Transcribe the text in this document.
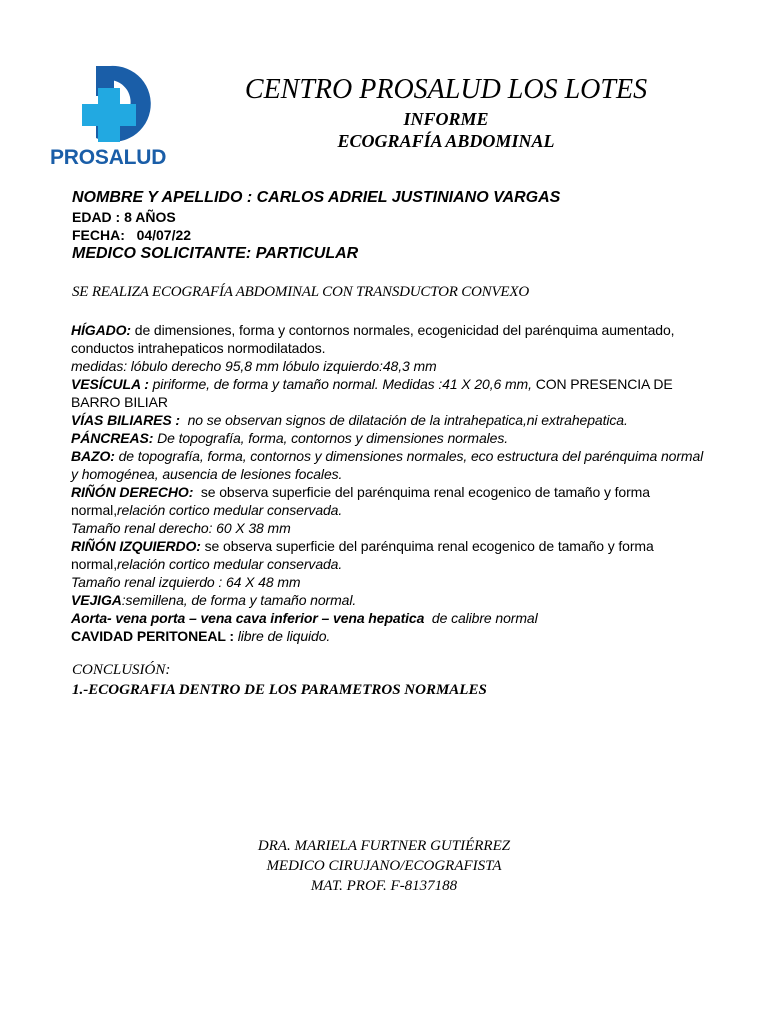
PROSALUD
CENTRO PROSALUD LOS LOTES
INFORME
ECOGRAFÍA ABDOMINAL
NOMBRE Y APELLIDO : CARLOS ADRIEL JUSTINIANO VARGAS
EDAD : 8 AÑOS
FECHA: 04/07/22
MEDICO SOLICITANTE: PARTICULAR
SE REALIZA ECOGRAFÍA ABDOMINAL CON TRANSDUCTOR CONVEXO

HÍGADO: de dimensiones, forma y contornos normales, ecogenicidad del parénquima aumentado, conductos intrahepaticos normodilatados.

medidas: lóbulo derecho 95,8 mm lóbulo izquierdo:48,3 mm

VESÍCULA : piriforme, de forma y tamaño normal. Medidas :41 X 20,6 mm, CON PRESENCIA DE BARRO BILIAR

VÍAS BILIARES : no se observan signos de dilatación de la intrahepatica,ni extrahepatica.

PÁNCREAS: De topografía, forma, contornos y dimensiones normales.

BAZO: de topografía, forma, contornos y dimensiones normales, eco estructura del parénquima normal y homogénea, ausencia de lesiones focales.

RIÑÓN DERECHO: se observa superficie del parénquima renal ecogenico de tamaño y forma normal,relación cortico medular conservada.

Tamaño renal derecho: 60 X 38 mm

RIÑÓN IZQUIERDO: se observa superficie del parénquima renal ecogenico de tamaño y forma normal,relación cortico medular conservada.

Tamaño renal izquierdo : 64 X 48 mm

VEJIGA:semillena, de forma y tamaño normal.

Aorta- vena porta – vena cava inferior – vena hepatica de calibre normal

CAVIDAD PERITONEAL : libre de liquido.

CONCLUSIÓN:
1.-ECOGRAFIA DENTRO DE LOS PARAMETROS NORMALES
DRA. MARIELA FURTNER GUTIÉRREZ
MEDICO CIRUJANO/ECOGRAFISTA
MAT. PROF. F-8137188
